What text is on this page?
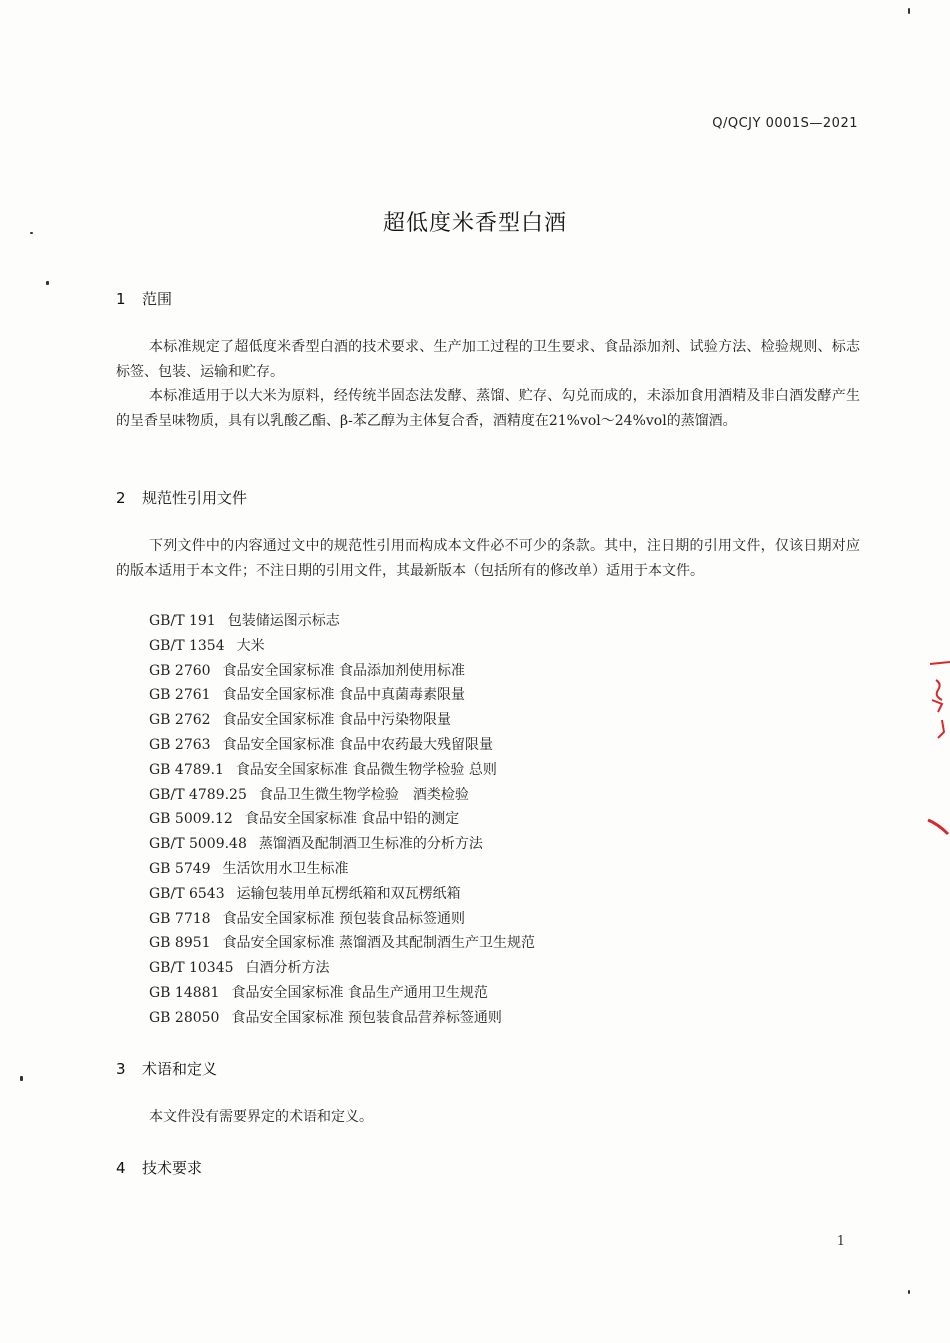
Q/QCJY 0001S—2021
超低度米香型白酒
1 范围

本标准规定了超低度米香型白酒的技术要求、生产加工过程的卫生要求、食品添加剂、试验方法、检验规则、标志标签、包装、运输和贮存。

本标准适用于以大米为原料，经传统半固态法发酵、蒸馏、贮存、勾兑而成的，未添加食用酒精及非白酒发酵产生的呈香呈味物质，具有以乳酸乙酯、β-苯乙醇为主体复合香，酒精度在21%vol～24%vol的蒸馏酒。

2 规范性引用文件

下列文件中的内容通过文中的规范性引用而构成本文件必不可少的条款。其中，注日期的引用文件，仅该日期对应的版本适用于本文件；不注日期的引用文件，其最新版本（包括所有的修改单）适用于本文件。

GB/T 191 包装储运图示标志
GB/T 1354 大米
GB 2760 食品安全国家标准 食品添加剂使用标准
GB 2761 食品安全国家标准 食品中真菌毒素限量
GB 2762 食品安全国家标准 食品中污染物限量
GB 2763 食品安全国家标准 食品中农药最大残留限量
GB 4789.1 食品安全国家标准 食品微生物学检验 总则
GB/T 4789.25 食品卫生微生物学检验　酒类检验
GB 5009.12 食品安全国家标准 食品中铅的测定
GB/T 5009.48 蒸馏酒及配制酒卫生标准的分析方法
GB 5749 生活饮用水卫生标准
GB/T 6543 运输包装用单瓦楞纸箱和双瓦楞纸箱
GB 7718 食品安全国家标准 预包装食品标签通则
GB 8951 食品安全国家标准 蒸馏酒及其配制酒生产卫生规范
GB/T 10345 白酒分析方法
GB 14881 食品安全国家标准 食品生产通用卫生规范
GB 28050 食品安全国家标准 预包装食品营养标签通则
3 术语和定义

本文件没有需要界定的术语和定义。

4 技术要求
1
